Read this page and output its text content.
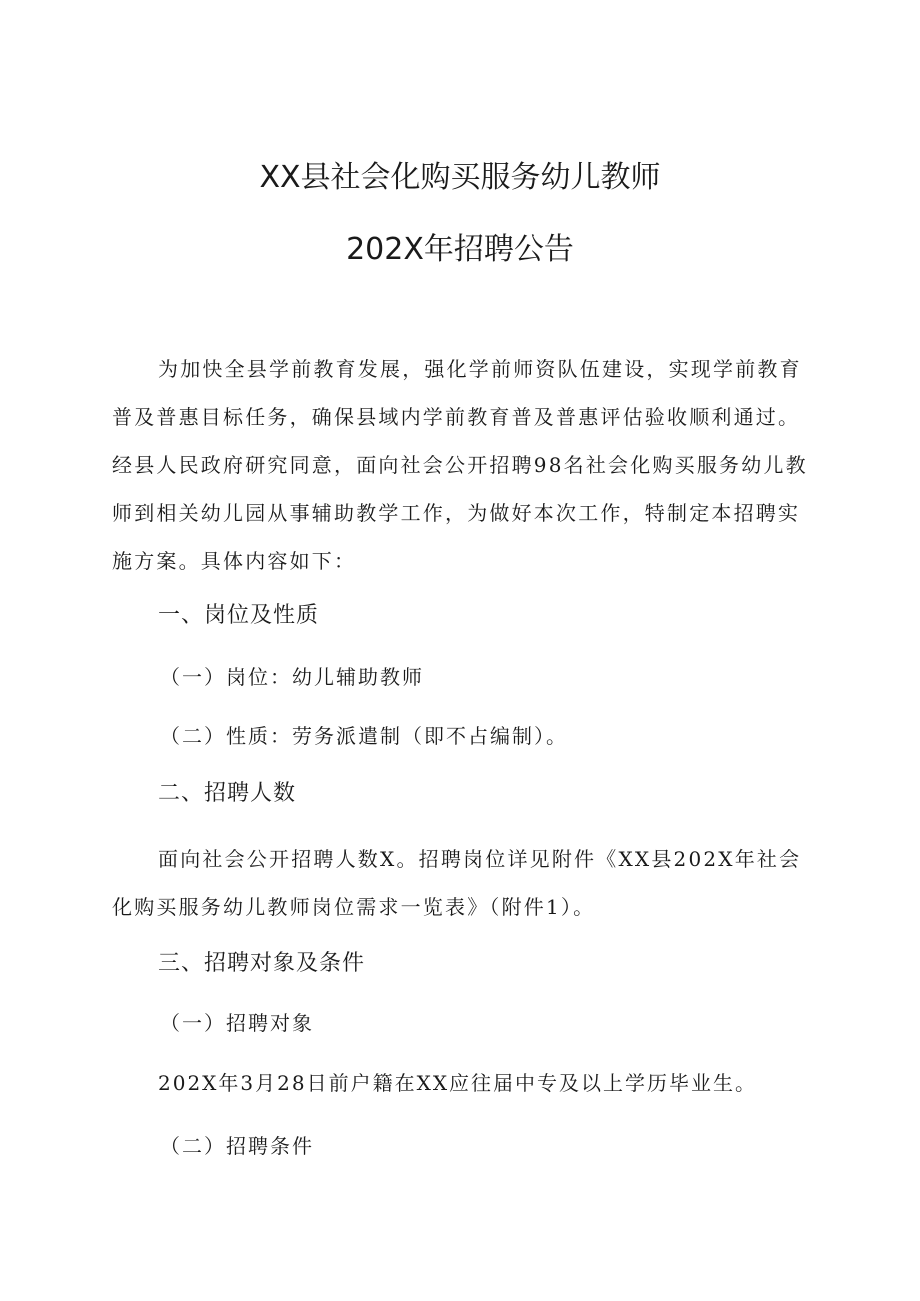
XX县社会化购买服务幼儿教师
202X年招聘公告
为加快全县学前教育发展，强化学前师资队伍建设，实现学前教育普及普惠目标任务，确保县域内学前教育普及普惠评估验收顺利通过。经县人民政府研究同意，面向社会公开招聘98名社会化购买服务幼儿教师到相关幼儿园从事辅助教学工作，为做好本次工作，特制定本招聘实施方案。具体内容如下：
一、岗位及性质
（一）岗位：幼儿辅助教师
（二）性质：劳务派遣制（即不占编制）。
二、招聘人数
面向社会公开招聘人数X。招聘岗位详见附件《XX县202X年社会化购买服务幼儿教师岗位需求一览表》（附件1）。
三、招聘对象及条件
（一）招聘对象
202X年3月28日前户籍在XX应往届中专及以上学历毕业生。
（二）招聘条件
